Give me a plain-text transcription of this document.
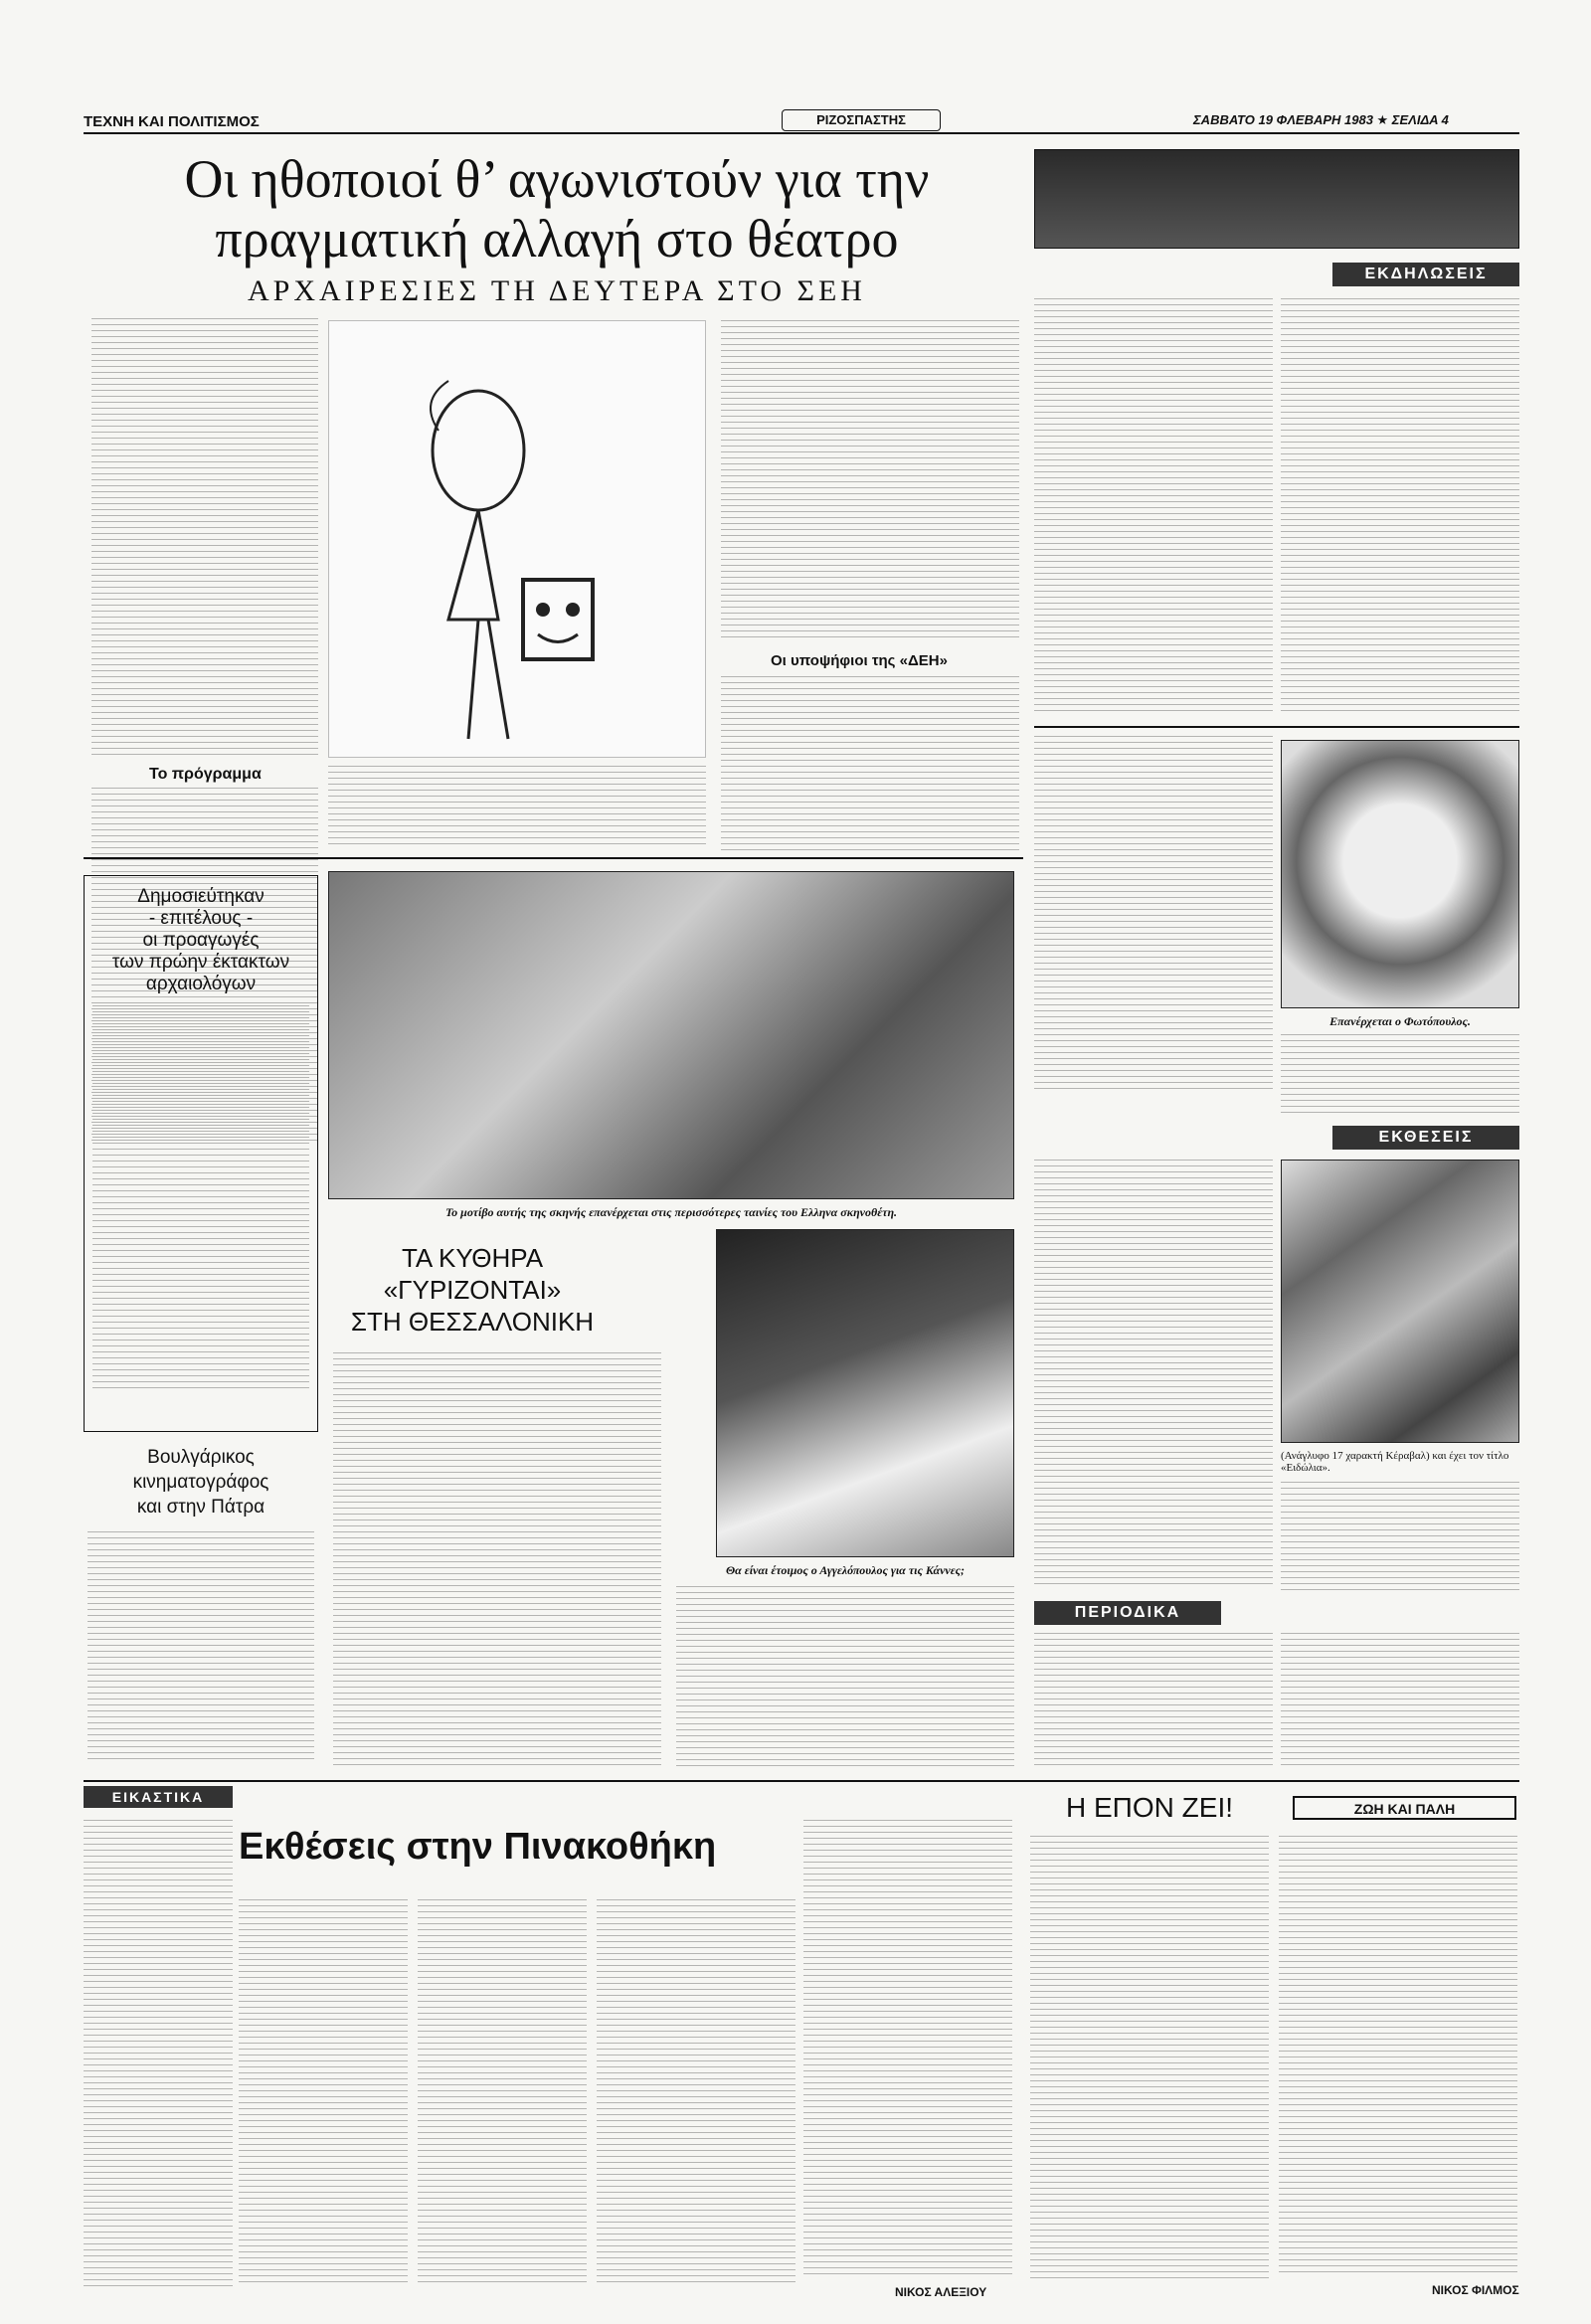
ΤΕΧΝΗ ΚΑΙ ΠΟΛΙΤΙΣΜΟΣ	ΡΙΖΟΣΠΑΣΤΗΣ	ΣΑΒΒΑΤΟ 19 ΦΛΕΒΑΡΗ 1983 ★ ΣΕΛΙΔΑ 4
Οι ηθοποιοί θ’ αγωνιστούν για την
πραγματική αλλαγή στο θέατρο
ΑΡΧΑΙΡΕΣΙΕΣ ΤΗ ΔΕΥΤΕΡΑ ΣΤΟ ΣΕΗ
Το πρόγραμμα
Οι υποψήφιοι της «ΔΕΗ»
Δημοσιεύτηκαν
- επιτέλους -
οι προαγωγές
των πρώην έκτακτων
αρχαιολόγων
Βουλγάρικος
κινηματογράφος
και στην Πάτρα
Το μοτίβο αυτής της σκηνής επανέρχεται στις περισσότερες ταινίες του Ελληνα σκηνοθέτη.
ΤΑ ΚΥΘΗΡΑ
«ΓΥΡΙΖΟΝΤΑΙ»
ΣΤΗ ΘΕΣΣΑΛΟΝΙΚΗ
Θα είναι έτοιμος ο Αγγελόπουλος για τις Κάννες;
ΕΚΔΗΛΩΣΕΙΣ
Επανέρχεται ο Φωτόπουλος.
ΕΚΘΕΣΕΙΣ
(Ανάγλυφο 17 χαρακτή Κέραβαλ) και έχει τον τίτλο «Ειδώλια».
ΠΕΡΙΟΔΙΚΑ
ΕΙΚΑΣΤΙΚΑ
Εκθέσεις στην Πινακοθήκη
ΝΙΚΟΣ ΑΛΕΞΙΟΥ
Η ΕΠΟΝ ΖΕΙ!	ΖΩΗ ΚΑΙ ΠΑΛΗ
ΝΙΚΟΣ ΦΙΛΜΟΣ
